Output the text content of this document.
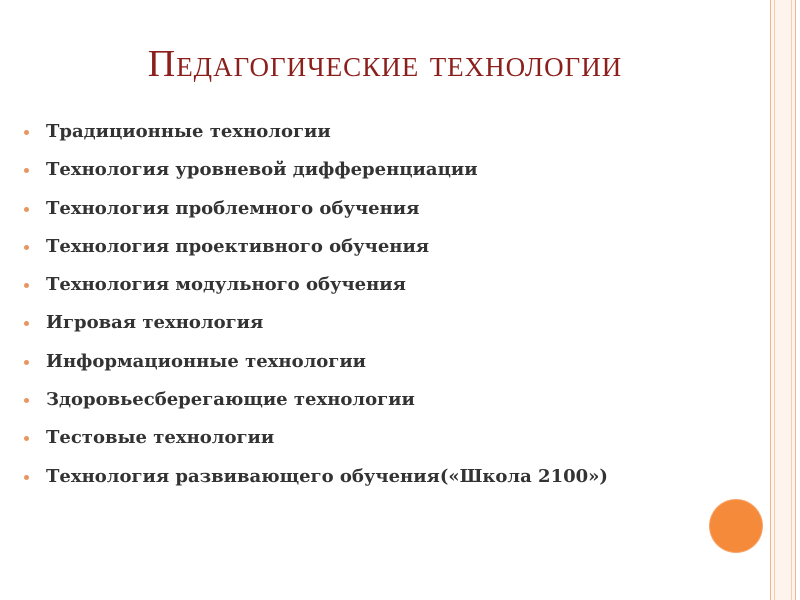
Педагогические технологии
Традиционные технологии
Технология уровневой дифференциации
Технология проблемного обучения
Технология проективного обучения
Технология модульного обучения
Игровая технология
Информационные технологии
Здоровьесберегающие технологии
Тестовые технологии
Технология развивающего обучения(«Школа 2100»)
